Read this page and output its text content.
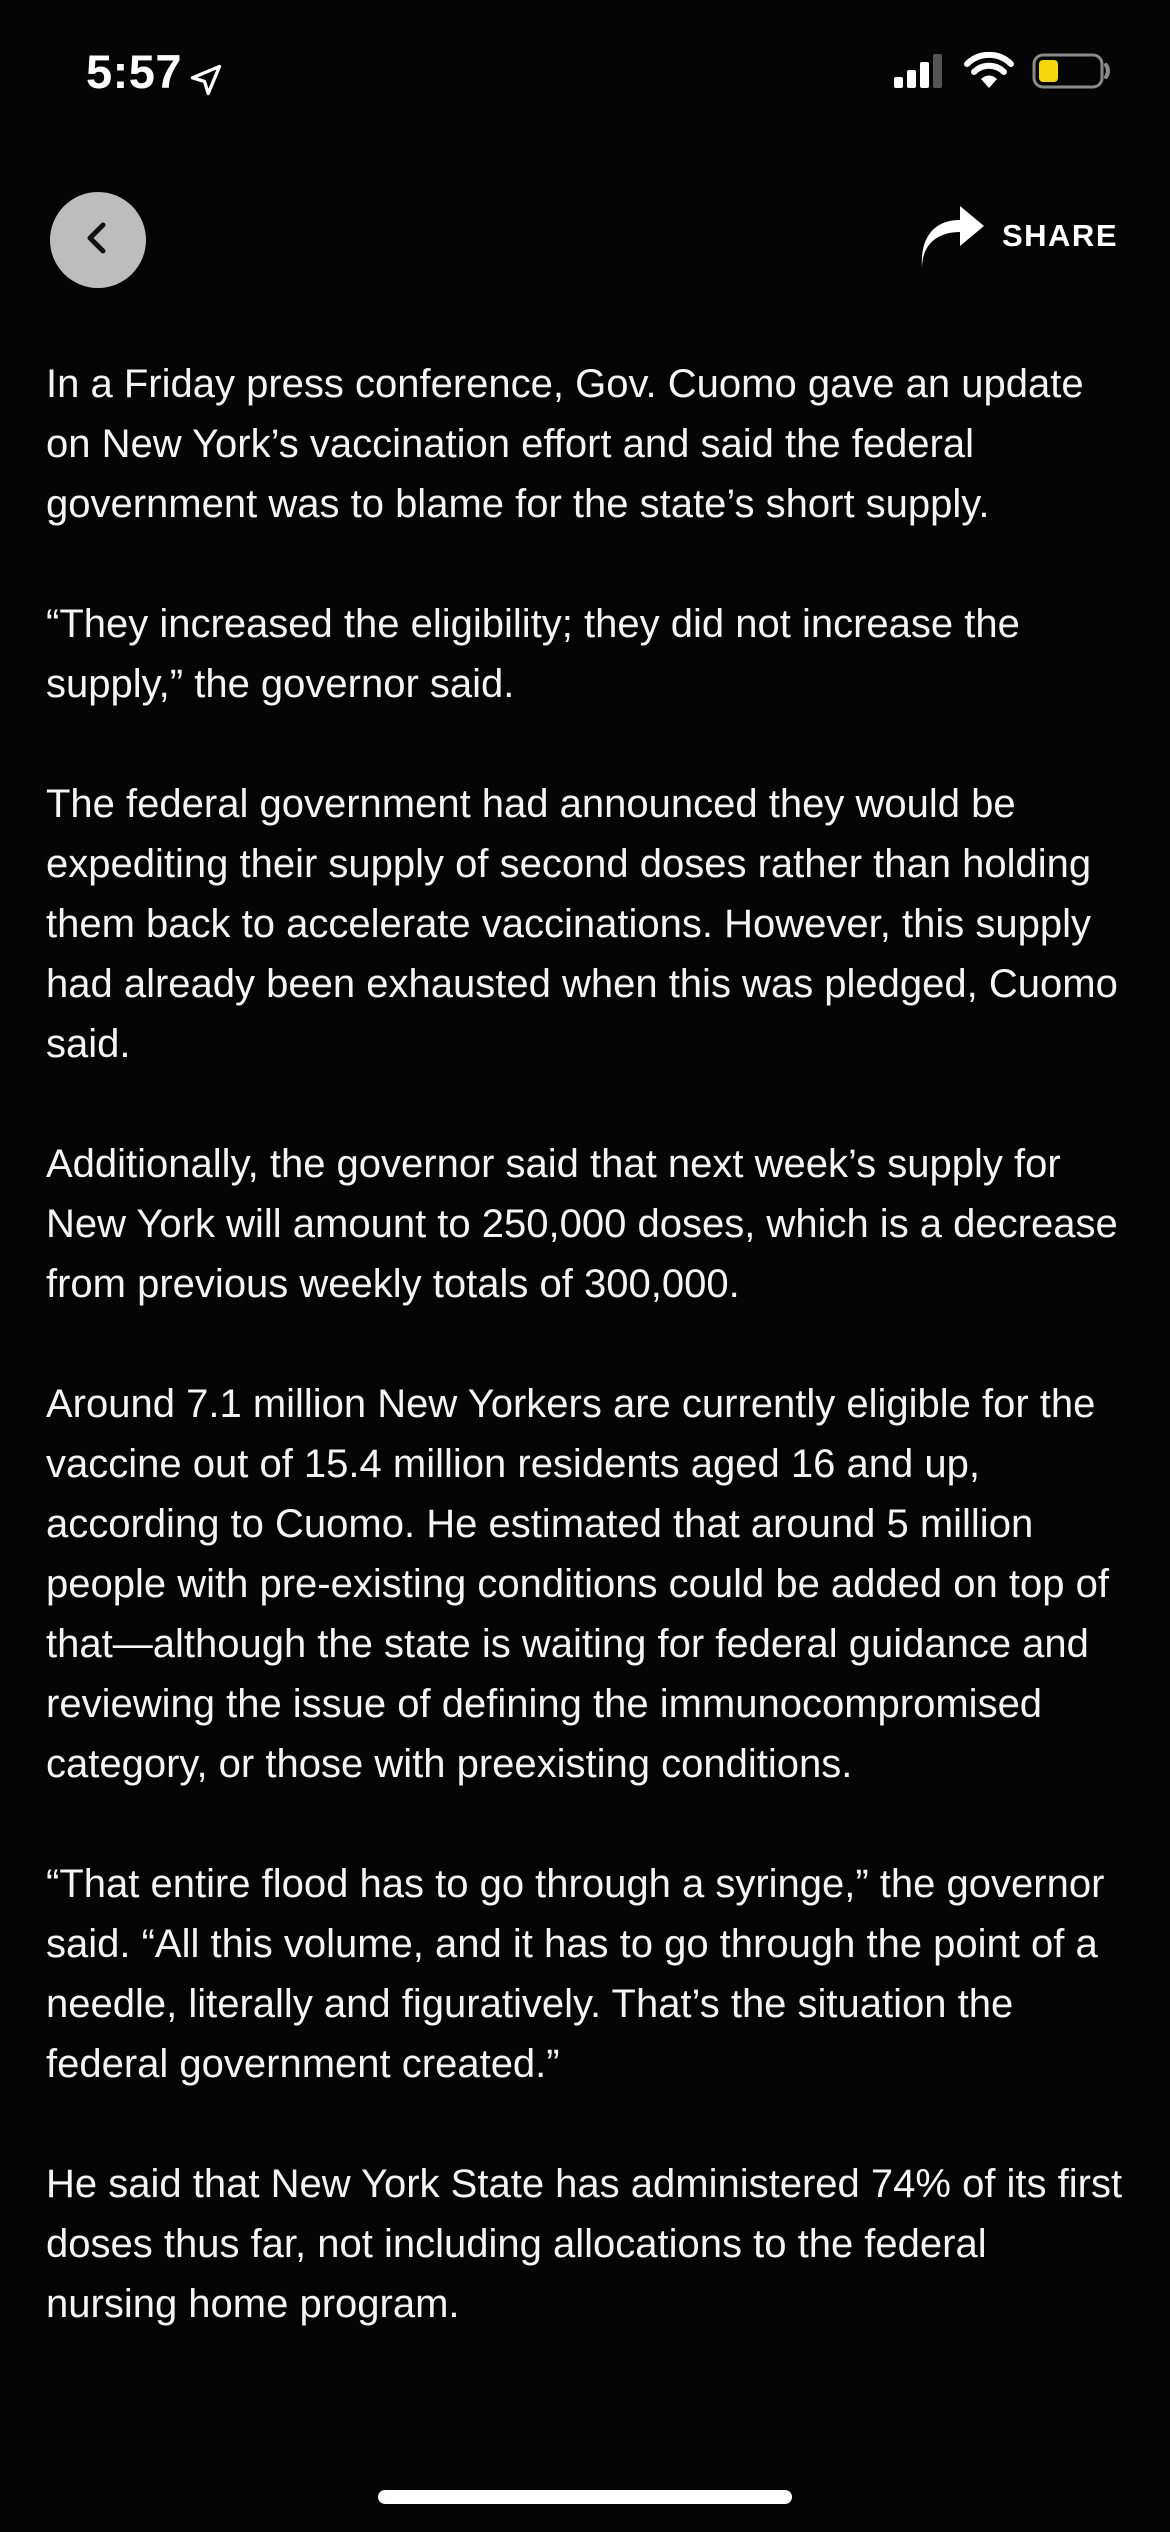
5:57
SHARE

In a Friday press conference, Gov. Cuomo gave an update on New York’s vaccination effort and said the federal government was to blame for the state’s short supply.

“They increased the eligibility; they did not increase the supply,” the governor said.

The federal government had announced they would be expediting their supply of second doses rather than holding them back to accelerate vaccinations. However, this supply had already been exhausted when this was pledged, Cuomo said.

Additionally, the governor said that next week’s supply for New York will amount to 250,000 doses, which is a decrease from previous weekly totals of 300,000.

Around 7.1 million New Yorkers are currently eligible for the vaccine out of 15.4 million residents aged 16 and up, according to Cuomo. He estimated that around 5 million people with pre-existing conditions could be added on top of that—although the state is waiting for federal guidance and reviewing the issue of defining the immunocompromised category, or those with preexisting conditions.

“That entire flood has to go through a syringe,” the governor said. “All this volume, and it has to go through the point of a needle, literally and figuratively. That’s the situation the federal government created.”

He said that New York State has administered 74% of its first doses thus far, not including allocations to the federal nursing home program.
